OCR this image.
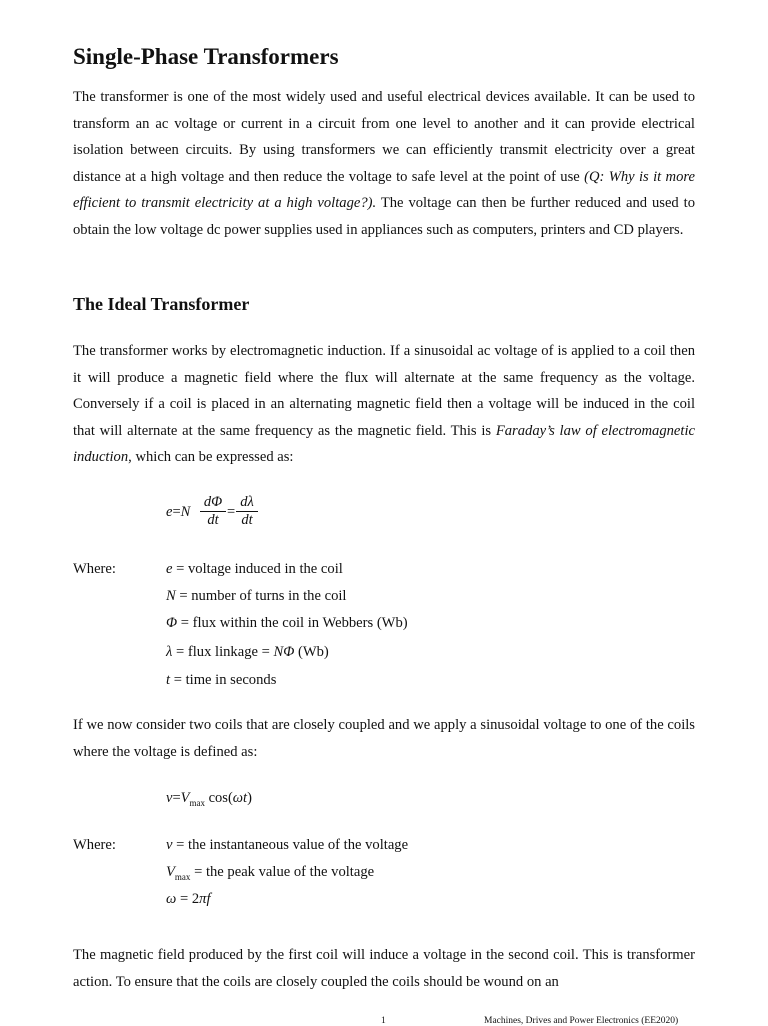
Single-Phase Transformers

The transformer is one of the most widely used and useful electrical devices available. It can be used to transform an ac voltage or current in a circuit from one level to another and it can provide electrical isolation between circuits. By using transformers we can efficiently transmit electricity over a great distance at a high voltage and then reduce the voltage to safe level at the point of use (Q: Why is it more efficient to transmit electricity at a high voltage?). The voltage can then be further reduced and used to obtain the low voltage dc power supplies used in appliances such as computers, printers and CD players.

The Ideal Transformer

The transformer works by electromagnetic induction. If a sinusoidal ac voltage of is applied to a coil then it will produce a magnetic field where the flux will alternate at the same frequency as the voltage. Conversely if a coil is placed in an alternating magnetic field then a voltage will be induced in the coil that will alternate at the same frequency as the magnetic field. This is Faraday’s law of electromagnetic induction, which can be expressed as:

e=N
dΦ
dt =
dλ
dt
Where:	e = voltage induced in the coil
N = number of turns in the coil
Φ = flux within the coil in Webbers (Wb)
λ = flux linkage = NΦ (Wb)
t = time in seconds

If we now consider two coils that are closely coupled and we apply a sinusoidal voltage to one of the coils where the voltage is defined as:

$v=V_{max}$ cos(ωt)
Where:	v = the instantaneous value of the voltage
$V_{max}$ = the peak value of the voltage
ω = 2πf

The magnetic field produced by the first coil will induce a voltage in the second coil. This is transformer action. To ensure that the coils are closely coupled the coils should be wound on an

1	Machines, Drives and Power Electronics (EE2020)
